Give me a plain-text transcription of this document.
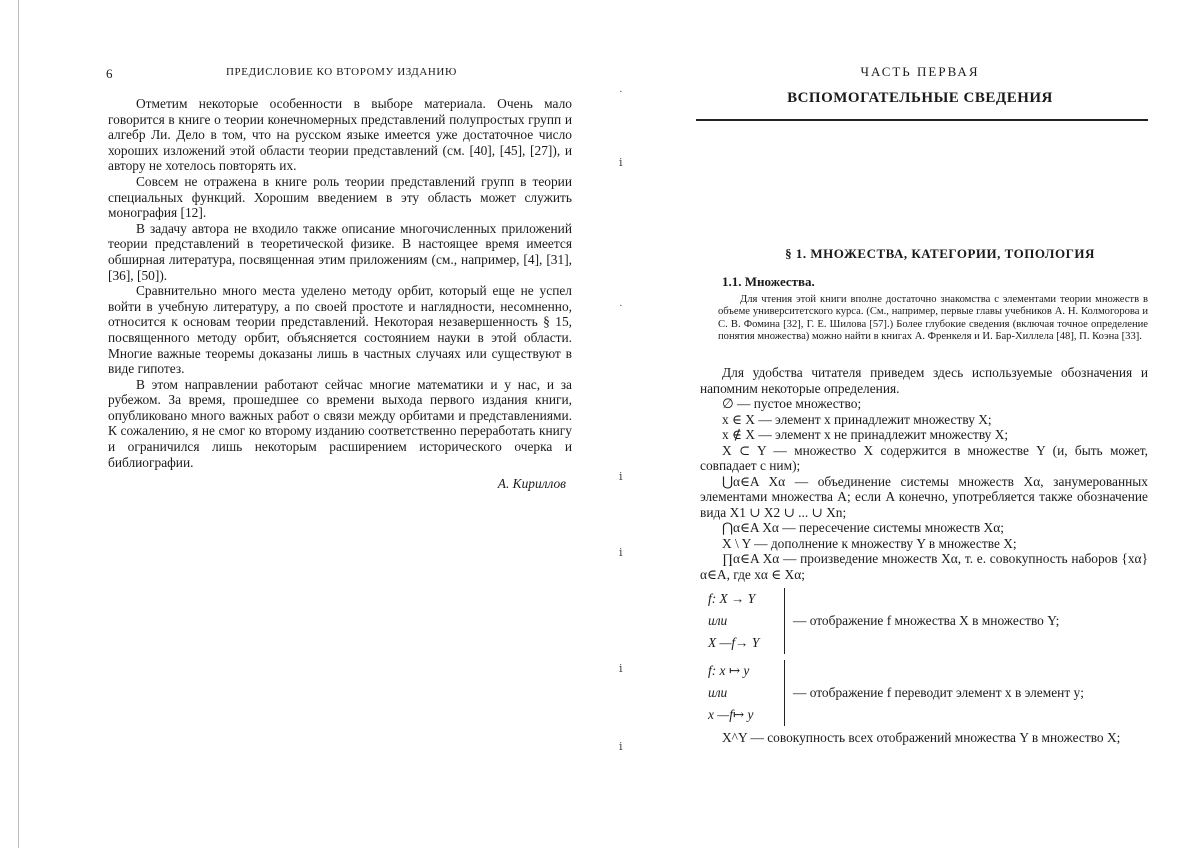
6	ПРЕДИСЛОВИЕ КО ВТОРОМУ ИЗДАНИЮ

Отметим некоторые особенности в выборе материала. Очень мало говорится в книге о теории конечномерных представлений полупростых групп и алгебр Ли. Дело в том, что на русском языке имеется уже достаточное число хороших изложений этой области теории представлений (см. [40], [45], [27]), и автору не хотелось повторять их.

Совсем не отражена в книге роль теории представлений групп в теории специальных функций. Хорошим введением в эту область может служить монография [12].

В задачу автора не входило также описание многочисленных приложений теории представлений в теоретической физике. В настоящее время имеется обширная литература, посвященная этим приложениям (см., например, [4], [31], [36], [50]).

Сравнительно много места уделено методу орбит, который еще не успел войти в учебную литературу, а по своей простоте и наглядности, несомненно, относится к основам теории представлений. Некоторая незавершенность § 15, посвященного методу орбит, объясняется состоянием науки в этой области. Многие важные теоремы доказаны лишь в частных случаях или существуют в виде гипотез.

В этом направлении работают сейчас многие математики и у нас, и за рубежом. За время, прошедшее со времени выхода первого издания книги, опубликовано много важных работ о связи между орбитами и представлениями. К сожалению, я не смог ко второму изданию соответственно переработать книгу и ограничился лишь некоторым расширением исторического очерка и библиографии.

А. Кириллов

·
ⅰ
·
ⅰ
ⅰ
ⅰ
ⅰ
ЧАСТЬ ПЕРВАЯ
ВСПОМОГАТЕЛЬНЫЕ СВЕДЕНИЯ
§ 1. МНОЖЕСТВА, КАТЕГОРИИ, ТОПОЛОГИЯ
1.1. Множества.
Для чтения этой книги вполне достаточно знакомства с элементами теории множеств в объеме университетского курса. (См., например, первые главы учебников А. Н. Колмогорова и С. В. Фомина [32], Г. Е. Шилова [57].) Более глубокие сведения (включая точное определение понятия множества) можно найти в книгах А. Френкеля и И. Бар-Хиллела [48], П. Коэна [33].

Для удобства читателя приведем здесь используемые обозначения и напомним некоторые определения.

∅ — пустое множество;

x ∈ X — элемент x принадлежит множеству X;

x ∉ X — элемент x не принадлежит множеству X;

X ⊂ Y — множество X содержится в множестве Y (и, быть может, совпадает с ним);

⋃α∈A Xα — объединение системы множеств Xα, занумерованных элементами множества A; если A конечно, употребляется также обозначение вида X1 ∪ X2 ∪ ... ∪ Xn;

⋂α∈A Xα — пересечение системы множеств Xα;

X \ Y — дополнение к множеству Y в множестве X;

∏α∈A Xα — произведение множеств Xα, т. е. совокупность наборов {xα}α∈A, где xα ∈ Xα;

f: X → Y
или
X —f→ Y
— отображение f множества X в множество Y;
f: x ↦ y
или
x —f↦ y
— отображение f переводит элемент x в элемент y;

X^Y — совокупность всех отображений множества Y в множество X;
